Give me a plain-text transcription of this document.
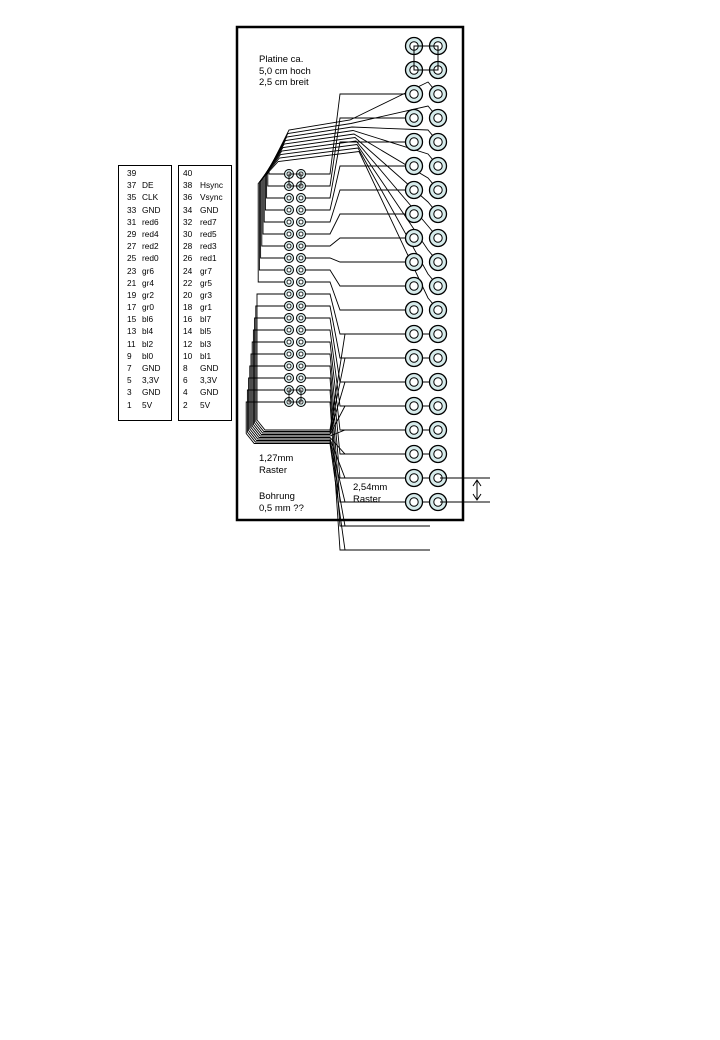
39
37 DE
35 CLK
33 GND
31 red6
29 red4
27 red2
25 red0
23 gr6
21 gr4
19 gr2
17 gr0
15 bl6
13 bl4
11 bl2
9	bl0
7	GND
5	3,3V
3	GND
1	5V
40
38 Hsync
36 Vsync
34 GND
32 red7
30 red5
28 red3
26 red1
24 gr7
22 gr5
20 gr3
18 gr1
16 bl7
14 bl5
12 bl3
10 bl1
8	GND
6	3,3V
4	GND
2	5V
Platine ca.
5,0 cm hoch
2,5 cm breit
1,27mm
Raster
Bohrung
0,5 mm ??
2,54mm
Raster
